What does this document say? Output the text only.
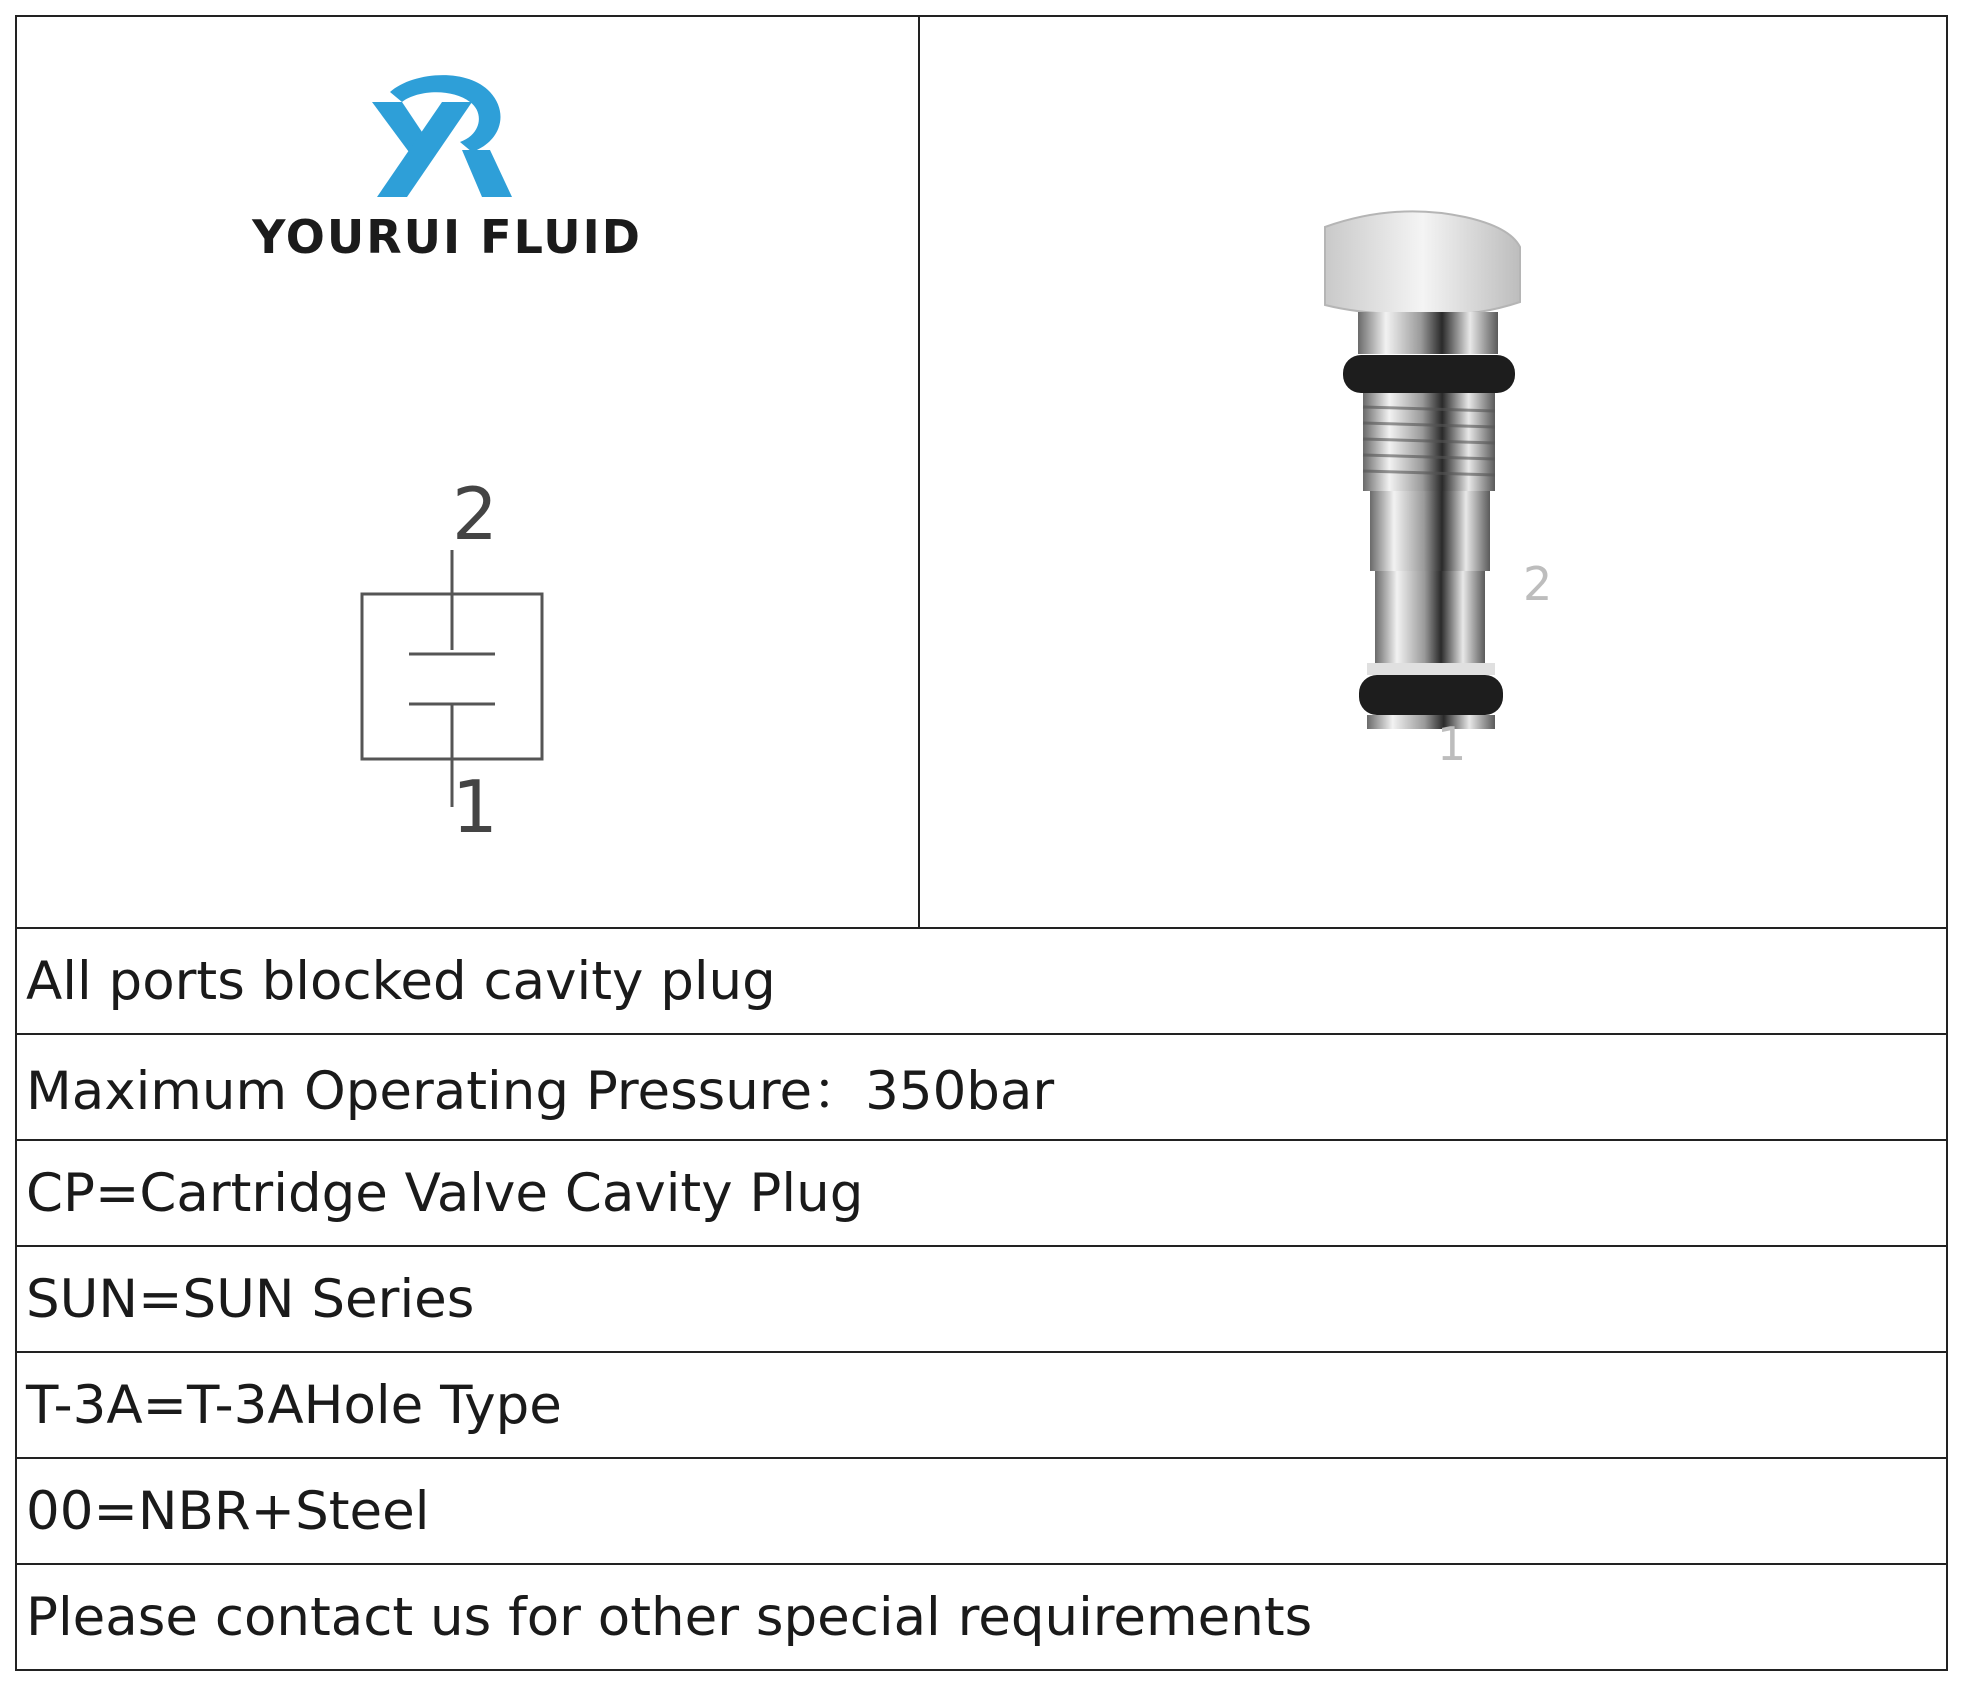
YOURUI FLUID
2
1
2
1
All ports blocked cavity plug
Maximum Operating Pressure：350bar
CP=Cartridge Valve Cavity Plug
SUN=SUN Series
T-3A=T-3AHole Type
00=NBR+Steel
Please contact us for other special requirements
